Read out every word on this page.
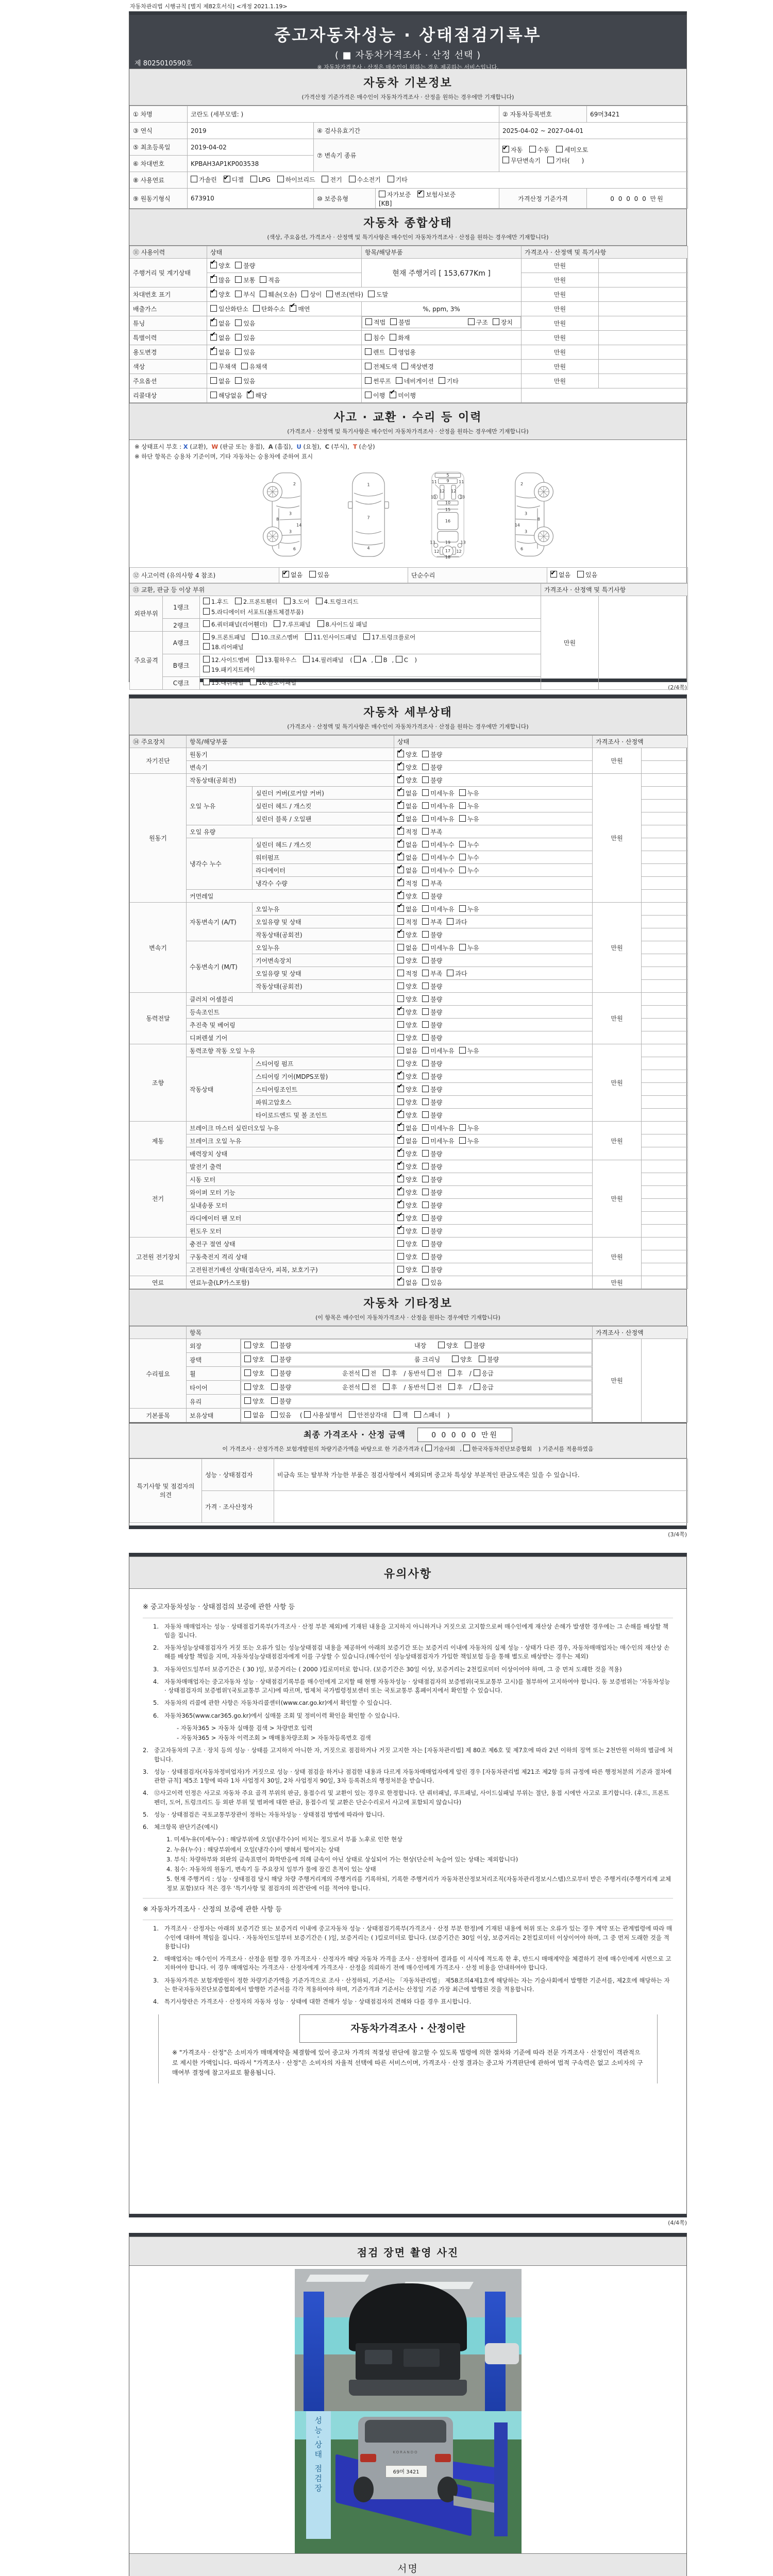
자동차관리법 시행규칙 [별지 제82호서식] <개정 2021.1.19>
중고자동차성능 · 상태점검기록부
( ■ 자동차가격조사 · 산정 선택 )
※ 자동차가격조사 · 산정은 매수인이 원하는 경우 제공하는 서비스입니다.
제 8025010590호
자동차 기본정보
(가격산정 기준가격은 매수인이 자동차가격조사 · 산정을 원하는 경우에만 기재합니다)
① 차명	코란도 (세부모델: )			② 자동차등록번호	69머3421
③ 연식	2019	④ 검사유효기간		2025-04-02 ~ 2027-04-01	
⑤ 최초등록일	2019-04-02	⑦ 변속기 종류	
✔자동 수동 세미오토
무단변속기 기타(      )

⑥ 차대번호	KPBAH3AP1KP003538				
⑧ 사용연료	가솔린 ✔ 디젤 LPG 하이브리드 전기 수소전기 기타

⑨ 원동기형식	673910	⑩ 보증유형	자가보증 ✔ 보험사보증
[KB]	가격산정 기준가격	0 0 0 0 0 만원
자동차 종합상태
(색상, 주요옵션, 가격조사 · 산정액 및 특기사항은 매수인이 자동차가격조사 · 산정을 원하는 경우에만 기재합니다)
⑪ 사용이력	상태	항목/해당부품	가격조사 · 산정액 및 특기사항	
주행거리 및 계기상태	✔양호 불량	현재 주행거리 [ 153,677Km ]	만원	
✔많음 보통 적음		만원	
차대번호 표기	✔양호 부식 훼손(오손) 상이 변조(번타) 도말		만원	
배출가스	일산화탄소 탄화수소 ✔ 매연	%, ppm, 3%	만원	
튜닝	✔없음 있음		적법 불법	구조 장치	만원	
특별이력	✔없음 있음	침수 화재	만원	
용도변경	✔없음 있음	렌트 영업용	만원	
색상	무채색 유채색	전체도색 색상변경	만원	
주요옵션	없음 있음	썬루프 네비게이션 기타	만원	
리콜대상	해당없음 ✔ 해당	이행 ✔ 미이행	
사고 · 교환 · 수리 등 이력
(가격조사 · 산정액 및 특기사항은 매수인이 자동차가격조사 · 산정을 원하는 경우에만 기재합니다)
※ 상태표시 부호 : X (교환),  W (판금 또는 용접),  A (흠집),  U (요철),  C (부식),  T (손상)
※ 하단 항목은 승용차 기준이며, 기타 자동차는 승용차에 준하여 표시
2
8
3
14
3
6
1
7
4
5
9
12 12
11	11
13	13
10
15
16
13	13
19
12	12
17
18
2
8
3
14
3
6
⑫ 사고이력 (유의사항 4 참조)	
✔없음 있음	단순수리	
✔없음 있음
⑬ 교환, 판금 등 이상 부위			가격조사 · 산정액 및 특기사항	
외판부위	1랭크	1.후드 2.프론트휀더 3.도어 4.트렁크리드
5.라디에이터 서포트(볼트체결부품)	만원	
	2랭크	6.쿼터패널(리어휀더) 7.루프패널 8.사이드실 패널		

주요골격	A랭크	9.프론트패널 10.크로스멤버 11.인사이드패널 17.트렁크플로어
18.리어패널		

	B랭크	12.사이드멤버 13.휠하우스 14.필러패널 ( A , B , C )
19.패키지트레이		

	C랭크	15.대쉬패널 16.플로어패널		
(2/4쪽)
자동차 세부상태
(가격조사 · 산정액 및 특기사항은 매수인이 자동차가격조사 · 산정을 원하는 경우에만 기재합니다)
⑭ 주요장치	항목/해당부품		상태	가격조사 · 산정액	
자기진단	원동기	✔양호 불량	만원	
	변속기	✔양호 불량	
원동기	작동상태(공회전)	✔양호 불량	만원	
	오일 누유	실린더 커버(로커암 커버)	✔없음 미세누유 누유	
		실린더 헤드 / 개스킷	✔없음 미세누유 누유	
		실린더 블록 / 오일팬	✔없음 미세누유 누유	
	오일 유량	✔적정 부족	
	냉각수 누수	실린더 헤드 / 개스킷	✔없음 미세누수 누수	
		워터펌프	✔없음 미세누수 누수	
		라디에이터	✔없음 미세누수 누수	
		냉각수 수량	✔적정 부족	
	커먼레일	✔양호 불량	
변속기	자동변속기 (A/T)	오일누유	✔없음 미세누유 누유	만원	
		오일유량 및 상태	적정 부족 과다		
		작동상태(공회전)	✔양호 불량	
	수동변속기 (M/T)	오일누유	없음 미세누유 누유		
		기어변속장치	양호 불량		
		오일유량 및 상태	적정 부족 과다		
		작동상태(공회전)	양호 불량		
동력전달	클러치 어셈블리		양호 불량	만원	
	등속조인트	✔양호 불량	
	추진축 및 베어링		양호 불량		
	디퍼렌셜 기어		양호 불량		
조향	동력조향 작동 오일 누유		없음 미세누유 누유	만원	
	작동상태	스티어링 펌프	양호 불량		
		스티어링 기어(MDPS포함)	✔양호 불량	
		스티어링조인트	✔양호 불량	
		파워고압호스	양호 불량		
		타이로드엔드 및 볼 조인트	✔양호 불량	
제동	브레이크 마스터 실린더오일 누유	✔없음 미세누유 누유	만원	
	브레이크 오일 누유	✔없음 미세누유 누유	
	배력장치 상태	✔양호 불량	
전기	발전기 출력	✔양호 불량	만원	
	시동 모터	✔양호 불량	
	와이퍼 모터 기능	✔양호 불량	
	실내송풍 모터	✔양호 불량	
	라디에이터 팬 모터	✔양호 불량	
	윈도우 모터	✔양호 불량	
고전원 전기장치	충전구 절연 상태		양호 불량	만원	
	구동축전지 격리 상태		양호 불량		
	고전원전기배선 상태(접속단자, 피복, 보호기구)		양호 불량		
연료	연료누출(LP가스포함)	✔없음 있음	만원	
자동차 기타정보
(이 항목은 매수인이 자동차가격조사 · 산정을 원하는 경우에만 기재합니다)
	항목	가격조사 · 산정액	
수리필요	외장		양호 불량	내장      양호 불량
만원	
	광택		양호 불량	룸 크리닝      양호 불량

	휠		양호 불량	운전석 전 후 / 동반석 전 후 / 응급

	타이어		양호 불량	운전석 전 후 / 동반석 전 후 / 응급

	유리		양호 불량

기본품목	보유상태		없음 있음  ( 사용설명서 안전삼각대 잭 스패너 )
최종 가격조사 · 산정 금액	0 0 0 0 0 만원
이 가격조사 · 산정가격은 보험개발원의 차량기준가액을 바탕으로 한 기준가격과 ( 기술사회 , 한국자동차진단보증협회 ) 기준서를 적용하였음
특기사항 및 점검자의 의견	성능 · 상태점검자	비금속 또는 탈부착 가능한 부품은 점검사항에서 제외되며 중고차 특성상 부분적인 판금도색은 있을 수 있습니다.
	가격 · 조사산정자	
(3/4쪽)
유의사항
※ 중고자동차성능 · 상태점검의 보증에 관한 사항 등
1. 자동차 매매업자는 성능 · 상태점검기록부(가격조사 · 산정 부분 제외)에 기재된 내용을 고지하지 아니하거나 거짓으로 고지함으로써 매수인에게 재산상 손해가 발생한 경우에는 그 손해를 배상할 책임을 집니다.
2. 자동차성능상태점검자가 거짓 또는 오류가 있는 성능상태점검 내용을 제공하여 아래의 보증기간 또는 보증거리 이내에 자동차의 실제 성능 · 상태가 다른 경우, 자동차매매업자는 매수인의 재산상 손해를 배상할 책임을 지며, 자동차성능상태점검자에게 이를 구상할 수 있습니다.(매수인이 성능상태점검자가 가입한 책임보험 등을 통해 별도로 배상받는 경우는 제외)
3. 자동차인도일부터 보증기간은 ( 30 )일, 보증거리는 ( 2000 )킬로미터로 합니다. (보증기간은 30일 이상, 보증거리는 2천킬로미터 이상이어야 하며, 그 중 먼저 도래한 것을 적용)
4. 자동차매매업자는 중고자동차 성능 · 상태점검기록부를 매수인에게 고지할 때 현행 자동차성능 · 상태점검자의 보증범위(국토교통부 고시)를 첨부하여 고지하여야 합니다. 동 보증범위는 '자동차성능 · 상태점검자의 보증범위'(국토교통부 고시)에 따르며, 법제처 국가법령정보센터 또는 국토교통부 홈페이지에서 확인할 수 있습니다.
5. 자동차의 리콜에 관한 사항은 자동차리콜센터(www.car.go.kr)에서 확인할 수 있습니다.
6. 자동차365(www.car365.go.kr)에서 실매물 조회 및 정비이력 확인을 확인할 수 있습니다.
- 자동차365 > 자동차 실매물 검색 > 차량번호 입력
- 자동차365 > 자동차 이력조회 > 매매용차량조회 > 자동차등록번호 검색
2. 중고자동차의 구조 · 장치 등의 성능 · 상태를 고지하지 아니한 자, 거짓으로 점검하거나 거짓 고지한 자는 [자동차관리법] 제 80조 제6호 및 제7호에 따라 2년 이하의 징역 또는 2천만원 이하의 벌금에 처합니다.
3. 성능 · 상태점검자(자동차정비업자)가 거짓으로 성능 · 상태 점검을 하거나 점검한 내용과 다르게 자동차매매업자에게 알린 경우 [자동차관리법 제21조 제2항 등의 규정에 따른 행정처분의 기준과 절차에 관한 규칙] 제5조 1항에 따라 1차 사업정지 30일, 2차 사업정지 90일, 3차 등록취소의 행정처분을 받습니다.
4. ⑫사고이력 인정은 사고로 자동차 주요 골격 부위의 판금, 용접수리 및 교환이 있는 경우로 한정합니다. 단 쿼터패널, 루프패널, 사이드실패널 부위는 절단, 용접 시에만 사고로 표기합니다. (후드, 프론트펜더, 도어, 트렁크리드 등 외판 부위 및 범퍼에 대한 판금, 용접수리 및 교환은 단순수리로서 사고에 포함되지 않습니다)
5. 성능 · 상태점검은 국토교통부장관이 정하는 자동차성능 · 상태점검 방법에 따라야 합니다.
6. 체크항목 판단기준(예시)
1. 미세누유(미세누수) : 해당부위에 오일(냉각수)이 비치는 정도로서 부품 노후로 인한 현상
2. 누유(누수) : 해당부위에서 오일(냉각수)이 맺혀서 떨어지는 상태
3. 부식: 차량하부와 외판의 금속표면이 화학반응에 의해 금속이 아닌 상태로 상실되어 가는 현상(단순히 녹슬어 있는 상태는 제외합니다)
4. 침수: 자동차의 원동기, 변속기 등 주요장치 일부가 물에 잠긴 흔적이 있는 상태
5. 현재 주행거리 : 성능 · 상태점검 당시 해당 차량 주행거리계의 주행거리를 기록하되, 기록한 주행거리가 자동차전산정보처리조직(자동차관리정보시스템)으로부터 받은 주행거리(주행거리계 교체 정보 포함)보다 적은 경우 '특기사항 및 점검자의 의견'란에 이를 적어야 합니다.
※ 자동차가격조사 · 산정의 보증에 관한 사항 등
1. 가격조사 · 산정자는 아래의 보증기간 또는 보증거리 이내에 중고자동차 성능 · 상태점검기록부(가격조사 · 산정 부분 한정)에 기재된 내용에 허위 또는 오류가 있는 경우 계약 또는 관계법령에 따라 매수인에 대하여 책임을 집니다. · 자동차인도일부터 보증기간은 ( )일, 보증거리는 ( )킬로미터로 합니다. (보증기간은 30일 이상, 보증거리는 2천킬로미터 이상이어야 하며, 그 중 먼저 도래한 것을 적용합니다)
2. 매매업자는 매수인이 가격조사 · 산정을 원할 경우 가격조사 · 산정자가 해당 자동차 가격을 조사 · 산정하여 결과를 이 서식에 적도록 한 후, 반드시 매매계약을 체결하기 전에 매수인에게 서면으로 고지하여야 합니다. 이 경우 매매업자는 가격조사 · 산정자에게 가격조사 · 산정을 의뢰하기 전에 매수인에게 가격조사 · 산정 비용을 안내하여야 합니다.
3. 자동차가격은 보험개발원이 정한 차량기준가액을 기준가격으로 조사 · 산정하되, 기준서는 「자동차관리법」 제58조의4제1호에 해당하는 자는 기술사회에서 발행한 기준서를, 제2호에 해당하는 자는 한국자동차진단보증협회에서 발행한 기준서를 각각 적용하여야 하며, 기준가격과 기준서는 산정일 기준 가장 최근에 발행된 것을 적용합니다.
4. 특기사항란은 가격조사 · 산정자의 자동차 성능 · 상태에 대한 견해가 성능 · 상태점검자의 견해와 다를 경우 표시합니다.
자동차가격조사 · 산정이란
※ "가격조사 · 산정"은 소비자가 매매계약을 체결함에 있어 중고차 가격의 적절성 판단에 참고할 수 있도록 법령에 의한 절차와 기준에 따라 전문 가격조사 · 산정인이 객관적으로 제시한 가액입니다. 따라서 "가격조사 · 산정"은 소비자의 자율적 선택에 따른 서비스이며, 가격조사 · 산정 결과는 중고차 가격판단에 관하여 법적 구속력은 없고 소비자의 구매여부 결정에 참고자료로 활용됩니다.
(4/4쪽)
점검 장면 촬영 사진
성능·상태 점검장	KORANDO
69머 3421
서명
